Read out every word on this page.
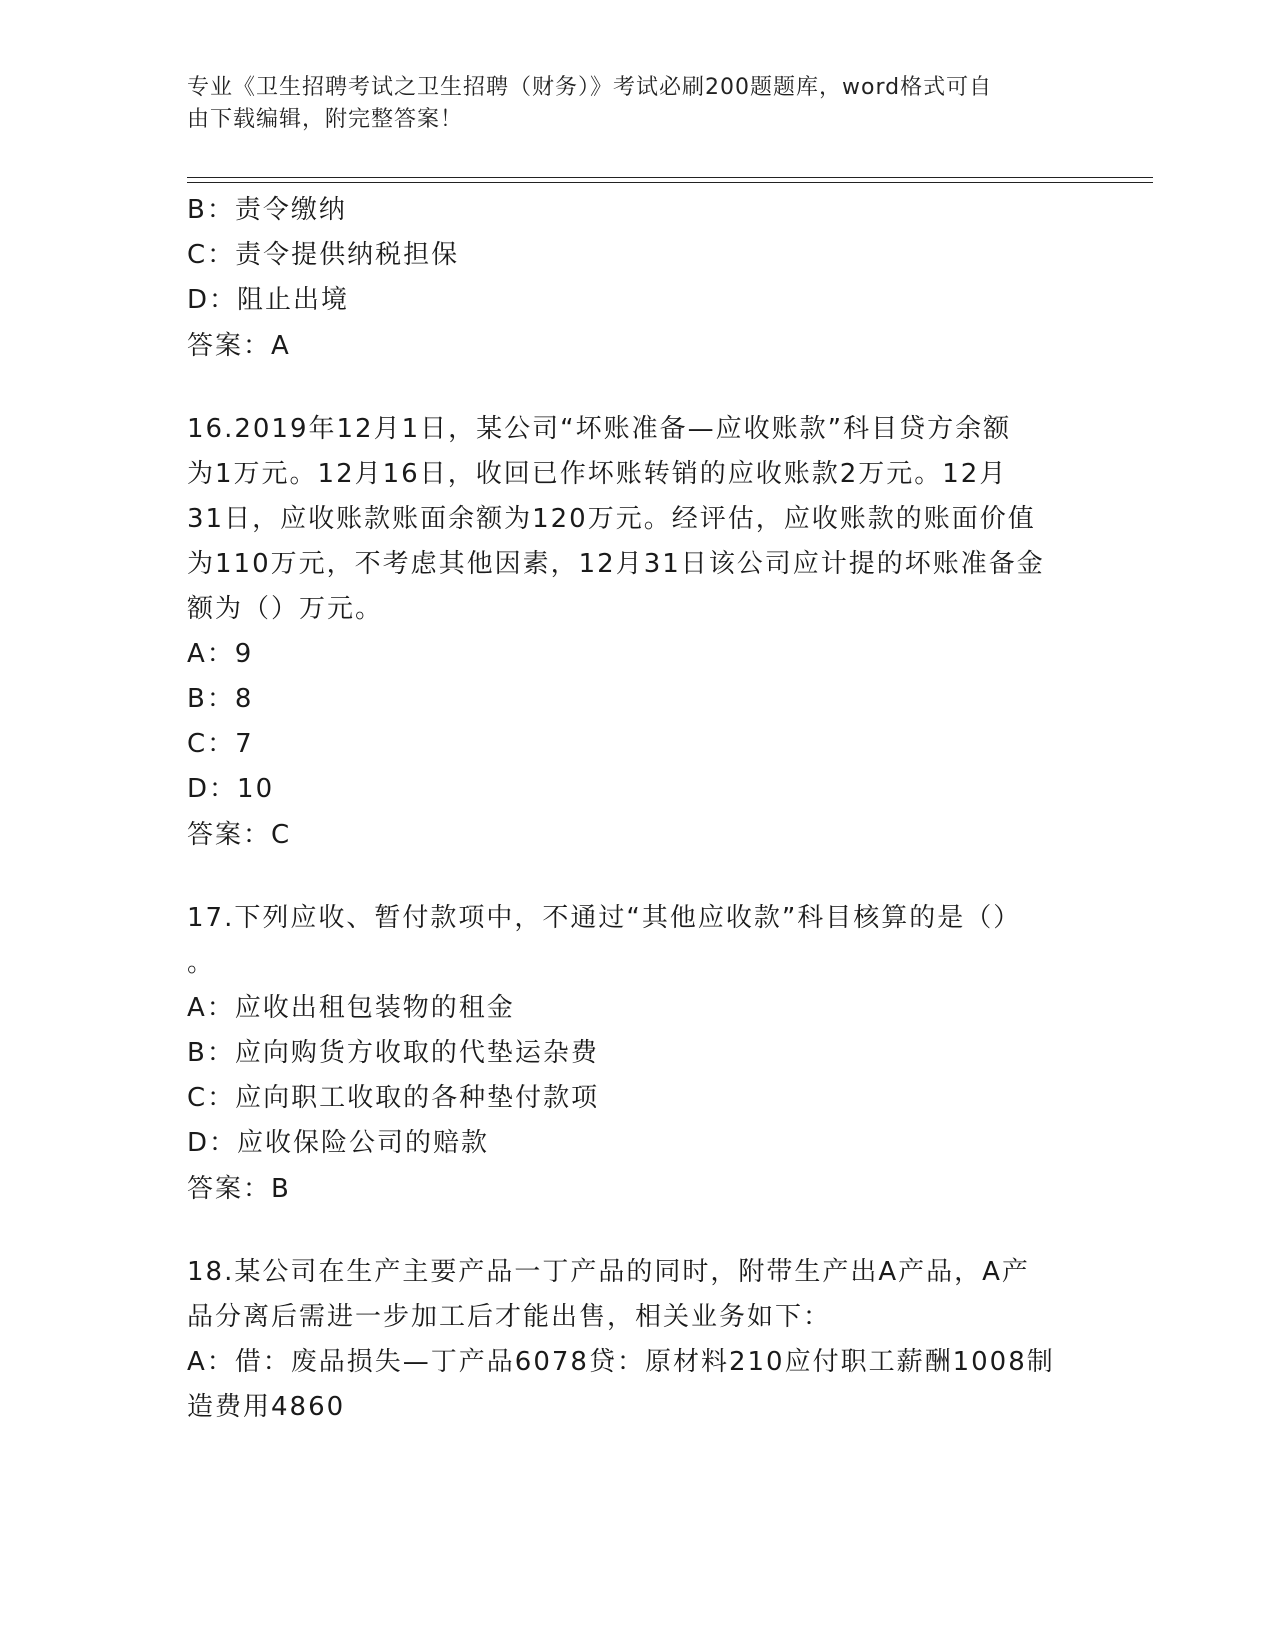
专业《卫生招聘考试之卫生招聘（财务）》考试必刷200题题库，word格式可自
由下载编辑，附完整答案！
B：责令缴纳
C：责令提供纳税担保
D：阻止出境
答案：A
16.2019年12月1日，某公司“坏账准备—应收账款”科目贷方余额
为1万元。12月16日，收回已作坏账转销的应收账款2万元。12月
31日，应收账款账面余额为120万元。经评估，应收账款的账面价值
为110万元，不考虑其他因素，12月31日该公司应计提的坏账准备金
额为（）万元。
A：9
B：8
C：7
D：10
答案：C
17.下列应收、暂付款项中，不通过“其他应收款”科目核算的是（）
。
A：应收出租包装物的租金
B：应向购货方收取的代垫运杂费
C：应向职工收取的各种垫付款项
D：应收保险公司的赔款
答案：B
18.某公司在生产主要产品一丁产品的同时，附带生产出A产品，A产
品分离后需进一步加工后才能出售，相关业务如下：
A：借：废品损失—丁产品6078贷：原材料210应付职工薪酬1008制
造费用4860
